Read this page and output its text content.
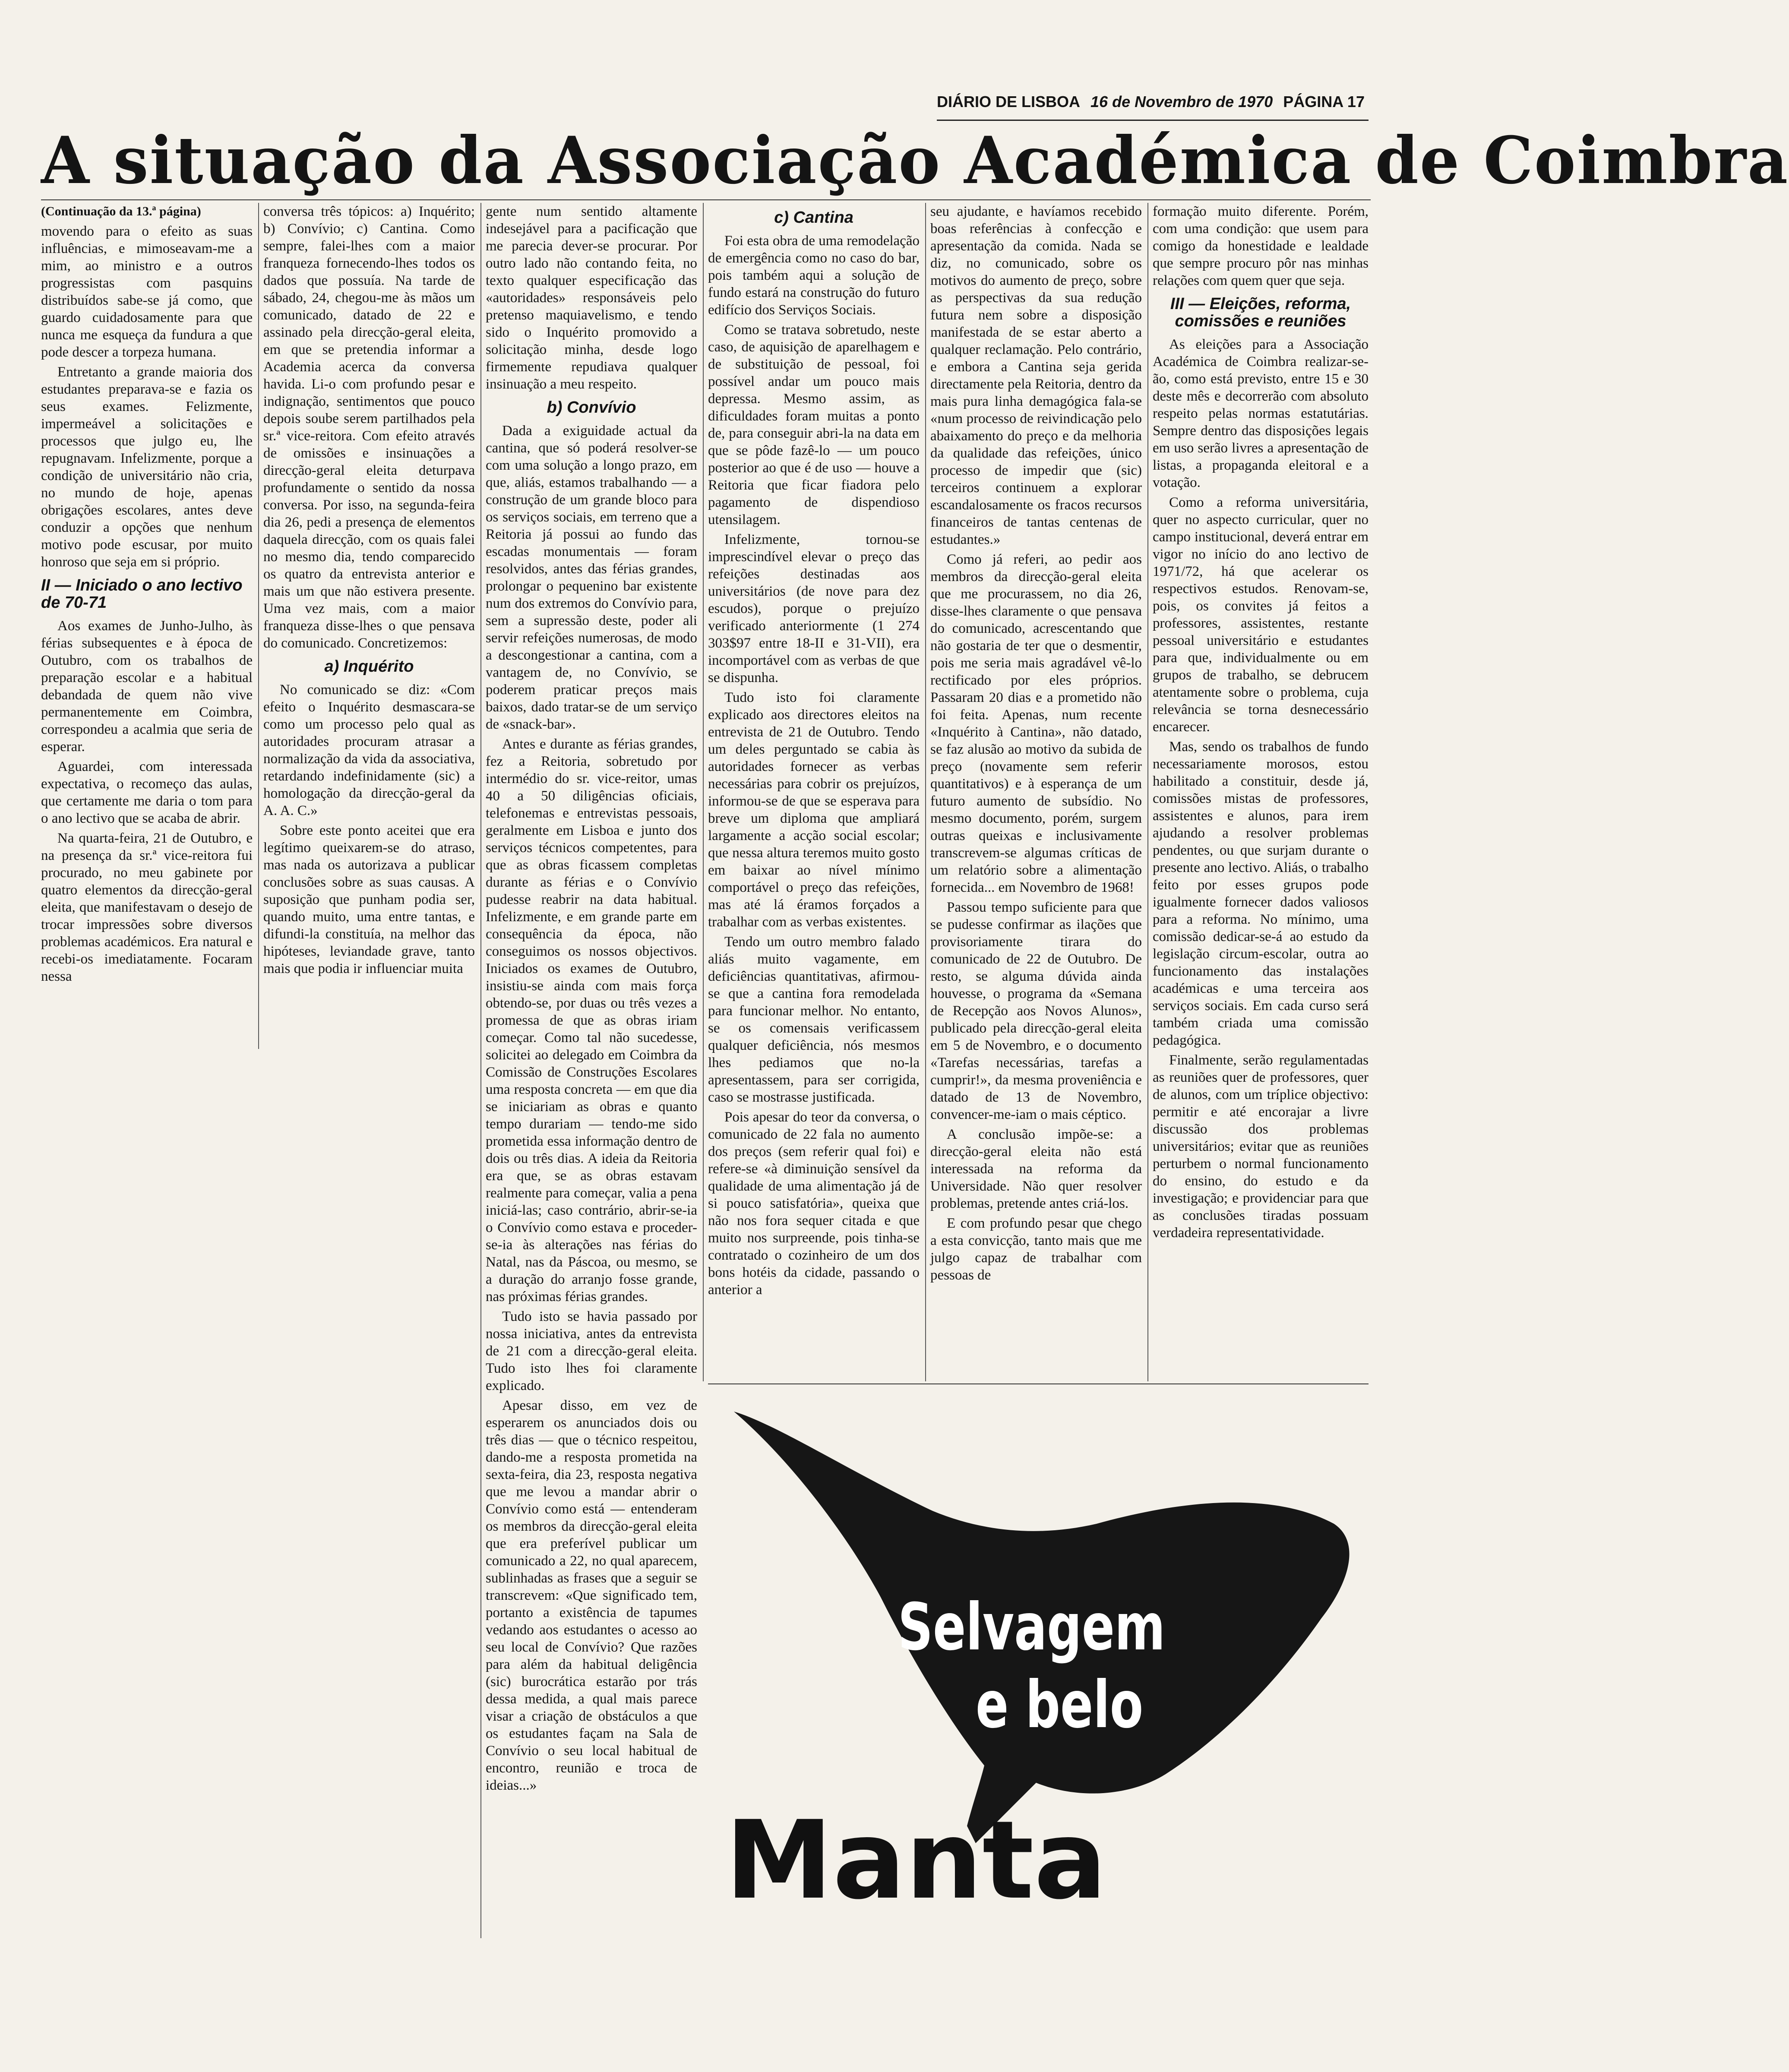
DIÁRIO DE LISBOA 16 de Novembro de 1970 PÁGINA 17
A situação da Associação Académica de Coimbra

(Continuação da 13.ª página)

movendo para o efeito as suas influências, e mimoseavam-me a mim, ao ministro e a outros progressistas com pasquins distribuídos sabe-se já como, que guardo cuidadosamente para que nunca me esqueça da fundura a que pode descer a torpeza humana.

Entretanto a grande maioria dos estudantes preparava-se e fazia os seus exames. Felizmente, impermeável a solicitações e processos que julgo eu, lhe repugnavam. Infelizmente, porque a condição de universitário não cria, no mundo de hoje, apenas obrigações escolares, antes deve conduzir a opções que nenhum motivo pode escusar, por muito honroso que seja em si próprio.

II — Iniciado o ano lectivo de 70-71

Aos exames de Junho-Julho, às férias subsequentes e à época de Outubro, com os trabalhos de preparação escolar e a habitual debandada de quem não vive permanentemente em Coimbra, correspondeu a acalmia que seria de esperar.

Aguardei, com interessada expectativa, o recomeço das aulas, que certamente me daria o tom para o ano lectivo que se acaba de abrir.

Na quarta-feira, 21 de Outubro, e na presença da sr.ª vice-reitora fui procurado, no meu gabinete por quatro elementos da direcção-geral eleita, que manifestavam o desejo de trocar impressões sobre diversos problemas académicos. Era natural e recebi-os imediatamente. Focaram nessa

conversa três tópicos: a) Inquérito; b) Convívio; c) Cantina. Como sempre, falei-lhes com a maior franqueza fornecendo-lhes todos os dados que possuía. Na tarde de sábado, 24, chegou-me às mãos um comunicado, datado de 22 e assinado pela direcção-geral eleita, em que se pretendia informar a Academia acerca da conversa havida. Li-o com profundo pesar e indignação, sentimentos que pouco depois soube serem partilhados pela sr.ª vice-reitora. Com efeito através de omissões e insinuações a direcção-geral eleita deturpava profundamente o sentido da nossa conversa. Por isso, na segunda-feira dia 26, pedi a presença de elementos daquela direcção, com os quais falei no mesmo dia, tendo comparecido os quatro da entrevista anterior e mais um que não estivera presente. Uma vez mais, com a maior franqueza disse-lhes o que pensava do comunicado. Concretizemos:

a) Inquérito

No comunicado se diz: «Com efeito o Inquérito desmascara-se como um processo pelo qual as autoridades procuram atrasar a normalização da vida da associativa, retardando indefinidamente (sic) a homologação da direcção-geral da A. A. C.»

Sobre este ponto aceitei que era legítimo queixarem-se do atraso, mas nada os autorizava a publicar conclusões sobre as suas causas. A suposição que punham podia ser, quando muito, uma entre tantas, e difundi-la constituía, na melhor das hipóteses, leviandade grave, tanto mais que podia ir influenciar muita

gente num sentido altamente indesejável para a pacificação que me parecia dever-se procurar. Por outro lado não contando feita, no texto qualquer especificação das «autoridades» responsáveis pelo pretenso maquiavelismo, e tendo sido o Inquérito promovido a solicitação minha, desde logo firmemente repudiava qualquer insinuação a meu respeito.

b) Convívio

Dada a exiguidade actual da cantina, que só poderá resolver-se com uma solução a longo prazo, em que, aliás, estamos trabalhando — a construção de um grande bloco para os serviços sociais, em terreno que a Reitoria já possui ao fundo das escadas monumentais — foram resolvidos, antes das férias grandes, prolongar o pequenino bar existente num dos extremos do Convívio para, sem a supressão deste, poder ali servir refeições numerosas, de modo a descongestionar a cantina, com a vantagem de, no Convívio, se poderem praticar preços mais baixos, dado tratar-se de um serviço de «snack-bar».

Antes e durante as férias grandes, fez a Reitoria, sobretudo por intermédio do sr. vice-reitor, umas 40 a 50 diligências oficiais, telefonemas e entrevistas pessoais, geralmente em Lisboa e junto dos serviços técnicos competentes, para que as obras ficassem completas durante as férias e o Convívio pudesse reabrir na data habitual. Infelizmente, e em grande parte em consequência da época, não conseguimos os nossos objectivos. Iniciados os exames de Outubro, insistiu-se ainda com mais força obtendo-se, por duas ou três vezes a promessa de que as obras iriam começar. Como tal não sucedesse, solicitei ao delegado em Coimbra da Comissão de Construções Escolares uma resposta concreta — em que dia se iniciariam as obras e quanto tempo durariam — tendo-me sido prometida essa informação dentro de dois ou três dias. A ideia da Reitoria era que, se as obras estavam realmente para começar, valia a pena iniciá-las; caso contrário, abrir-se-ia o Convívio como estava e proceder-se-ia às alterações nas férias do Natal, nas da Páscoa, ou mesmo, se a duração do arranjo fosse grande, nas próximas férias grandes.

Tudo isto se havia passado por nossa iniciativa, antes da entrevista de 21 com a direcção-geral eleita. Tudo isto lhes foi claramente explicado.

Apesar disso, em vez de esperarem os anunciados dois ou três dias — que o técnico respeitou, dando-me a resposta prometida na sexta-feira, dia 23, resposta negativa que me levou a mandar abrir o Convívio como está — entenderam os membros da direcção-geral eleita que era preferível publicar um comunicado a 22, no qual aparecem, sublinhadas as frases que a seguir se transcrevem: «Que significado tem, portanto a existência de tapumes vedando aos estudantes o acesso ao seu local de Convívio? Que razões para além da habitual deligência (sic) burocrática estarão por trás dessa medida, a qual mais parece visar a criação de obstáculos a que os estudantes façam na Sala de Convívio o seu local habitual de encontro, reunião e troca de ideias...»

c) Cantina

Foi esta obra de uma remodelação de emergência como no caso do bar, pois também aqui a solução de fundo estará na construção do futuro edifício dos Serviços Sociais.

Como se tratava sobretudo, neste caso, de aquisição de aparelhagem e de substituição de pessoal, foi possível andar um pouco mais depressa. Mesmo assim, as dificuldades foram muitas a ponto de, para conseguir abri-la na data em que se pôde fazê-lo — um pouco posterior ao que é de uso — houve a Reitoria que ficar fiadora pelo pagamento de dispendioso utensilagem.

Infelizmente, tornou-se imprescindível elevar o preço das refeições destinadas aos universitários (de nove para dez escudos), porque o prejuízo verificado anteriormente (1 274 303$97 entre 18-II e 31-VII), era incomportável com as verbas de que se dispunha.

Tudo isto foi claramente explicado aos directores eleitos na entrevista de 21 de Outubro. Tendo um deles perguntado se cabia às autoridades fornecer as verbas necessárias para cobrir os prejuízos, informou-se de que se esperava para breve um diploma que ampliará largamente a acção social escolar; que nessa altura teremos muito gosto em baixar ao nível mínimo comportável o preço das refeições, mas até lá éramos forçados a trabalhar com as verbas existentes.

Tendo um outro membro falado aliás muito vagamente, em deficiências quantitativas, afirmou-se que a cantina fora remodelada para funcionar melhor. No entanto, se os comensais verificassem qualquer deficiência, nós mesmos lhes pediamos que no-la apresentassem, para ser corrigida, caso se mostrasse justificada.

Pois apesar do teor da conversa, o comunicado de 22 fala no aumento dos preços (sem referir qual foi) e refere-se «à diminuição sensível da qualidade de uma alimentação já de si pouco satisfatória», queixa que não nos fora sequer citada e que muito nos surpreende, pois tinha-se contratado o cozinheiro de um dos bons hotéis da cidade, passando o anterior a

seu ajudante, e havíamos recebido boas referências à confecção e apresentação da comida. Nada se diz, no comunicado, sobre os motivos do aumento de preço, sobre as perspectivas da sua redução futura nem sobre a disposição manifestada de se estar aberto a qualquer reclamação. Pelo contrário, e embora a Cantina seja gerida directamente pela Reitoria, dentro da mais pura linha demagógica fala-se «num processo de reivindicação pelo abaixamento do preço e da melhoria da qualidade das refeições, único processo de impedir que (sic) terceiros continuem a explorar escandalosamente os fracos recursos financeiros de tantas centenas de estudantes.»

Como já referi, ao pedir aos membros da direcção-geral eleita que me procurassem, no dia 26, disse-lhes claramente o que pensava do comunicado, acrescentando que não gostaria de ter que o desmentir, pois me seria mais agradável vê-lo rectificado por eles próprios. Passaram 20 dias e a prometido não foi feita. Apenas, num recente «Inquérito à Cantina», não datado, se faz alusão ao motivo da subida de preço (novamente sem referir quantitativos) e à esperança de um futuro aumento de subsídio. No mesmo documento, porém, surgem outras queixas e inclusivamente transcrevem-se algumas críticas de um relatório sobre a alimentação fornecida... em Novembro de 1968!

Passou tempo suficiente para que se pudesse confirmar as ilações que provisoriamente tirara do comunicado de 22 de Outubro. De resto, se alguma dúvida ainda houvesse, o programa da «Semana de Recepção aos Novos Alunos», publicado pela direcção-geral eleita em 5 de Novembro, e o documento «Tarefas necessárias, tarefas a cumprir!», da mesma proveniência e datado de 13 de Novembro, convencer-me-iam o mais céptico.

A conclusão impõe-se: a direcção-geral eleita não está interessada na reforma da Universidade. Não quer resolver problemas, pretende antes criá-los.

E com profundo pesar que chego a esta convicção, tanto mais que me julgo capaz de trabalhar com pessoas de

formação muito diferente. Porém, com uma condição: que usem para comigo da honestidade e lealdade que sempre procuro pôr nas minhas relações com quem quer que seja.

III — Eleições, reforma, comissões e reuniões

As eleições para a Associação Académica de Coimbra realizar-se-ão, como está previsto, entre 15 e 30 deste mês e decorrerão com absoluto respeito pelas normas estatutárias. Sempre dentro das disposições legais em uso serão livres a apresentação de listas, a propaganda eleitoral e a votação.

Como a reforma universitária, quer no aspecto curricular, quer no campo institucional, deverá entrar em vigor no início do ano lectivo de 1971/72, há que acelerar os respectivos estudos. Renovam-se, pois, os convites já feitos a professores, assistentes, restante pessoal universitário e estudantes para que, individualmente ou em grupos de trabalho, se debrucem atentamente sobre o problema, cuja relevância se torna desnecessário encarecer.

Mas, sendo os trabalhos de fundo necessariamente morosos, estou habilitado a constituir, desde já, comissões mistas de professores, assistentes e alunos, para irem ajudando a resolver problemas pendentes, ou que surjam durante o presente ano lectivo. Aliás, o trabalho feito por esses grupos pode igualmente fornecer dados valiosos para a reforma. No mínimo, uma comissão dedicar-se-á ao estudo da legislação circum-escolar, outra ao funcionamento das instalações académicas e uma terceira aos serviços sociais. Em cada curso será também criada uma comissão pedagógica.

Finalmente, serão regulamentadas as reuniões quer de professores, quer de alunos, com um tríplice objectivo: permitir e até encorajar a livre discussão dos problemas universitários; evitar que as reuniões perturbem o normal funcionamento do ensino, do estudo e da investigação; e providenciar para que as conclusões tiradas possuam verdadeira representatividade.

Selvagem
e belo
Manta
